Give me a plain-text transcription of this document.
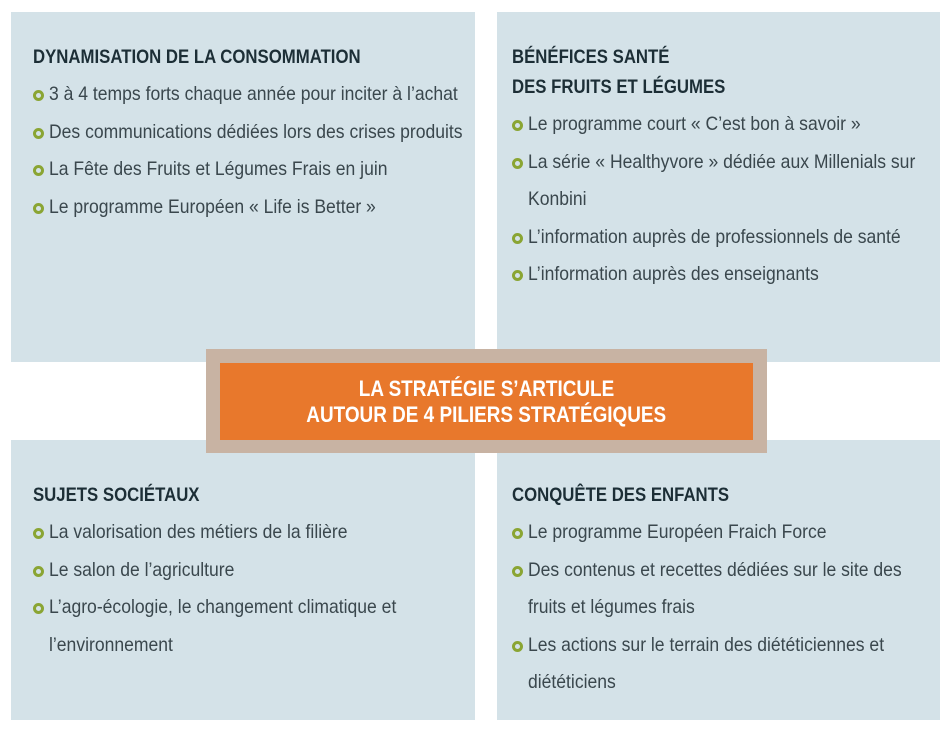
DYNAMISATION DE LA CONSOMMATION
3 à 4 temps forts chaque année pour inciter à l’achat
Des communications dédiées lors des crises produits
La Fête des Fruits et Légumes Frais en juin
Le programme Européen « Life is Better »
BÉNÉFICES SANTÉ
DES FRUITS ET LÉGUMES
Le programme court « C’est bon à savoir »
La série « Healthyvore » dédiée aux Millenials sur Konbini
L’information auprès de professionnels de santé
L’information auprès des enseignants
SUJETS SOCIÉTAUX
La valorisation des métiers de la filière
Le salon de l’agriculture
L’agro-écologie, le changement climatique et l’environnement
CONQUÊTE DES ENFANTS
Le programme Européen Fraich Force
Des contenus et recettes dédiées sur le site des fruits et légumes frais
Les actions sur le terrain des diététiciennes et diététiciens
LA STRATÉGIE S’ARTICULE
AUTOUR DE 4 PILIERS STRATÉGIQUES
